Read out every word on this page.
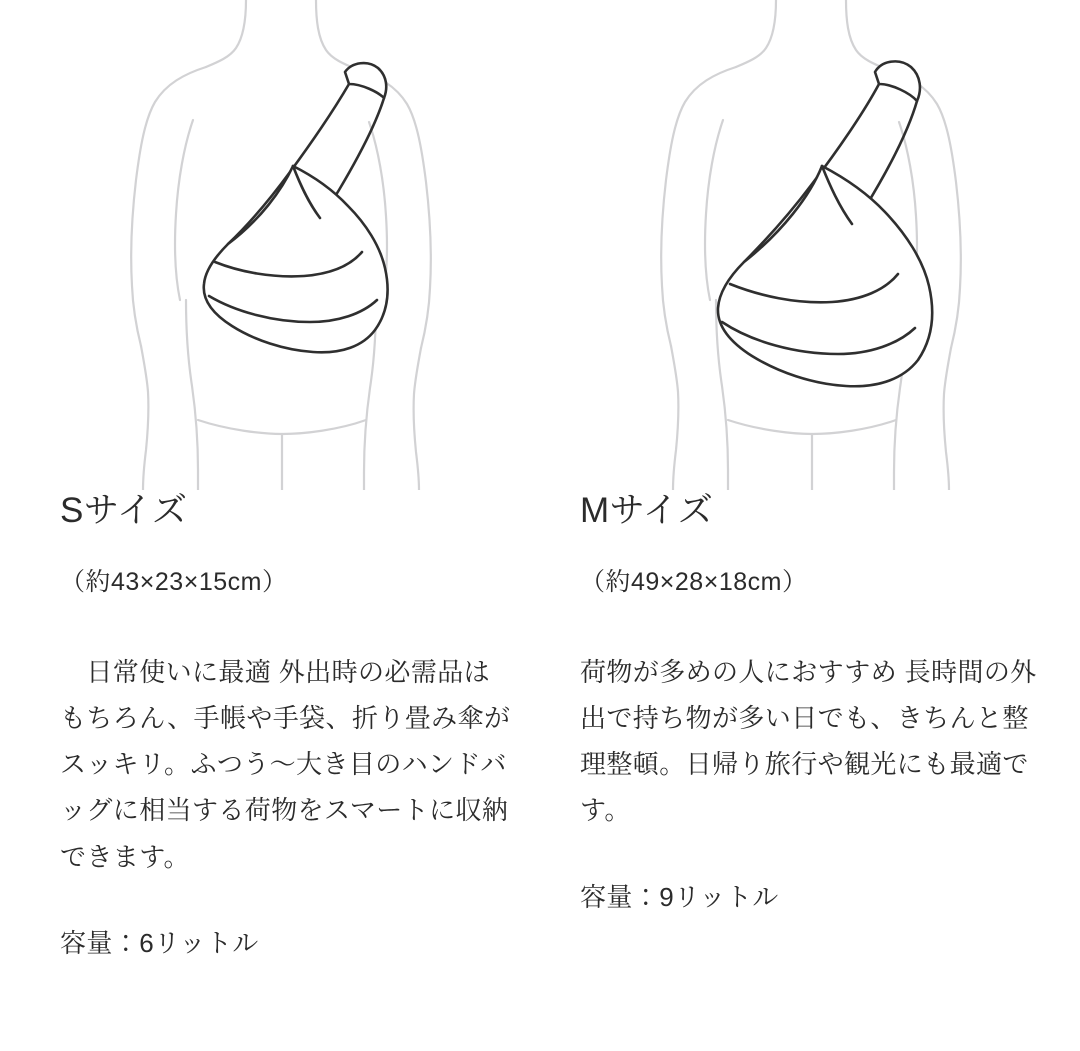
Sサイズ

（約43×23×15cm）

　日常使いに最適 外出時の必需品はもちろん、手帳や手袋、折り畳み傘がスッキリ。ふつう〜大き目のハンドバッグに相当する荷物をスマートに収納できます。

容量：6リットル

Mサイズ

（約49×28×18cm）

荷物が多めの人におすすめ 長時間の外出で持ち物が多い日でも、きちんと整理整頓。日帰り旅行や観光にも最適です。

容量：9リットル
